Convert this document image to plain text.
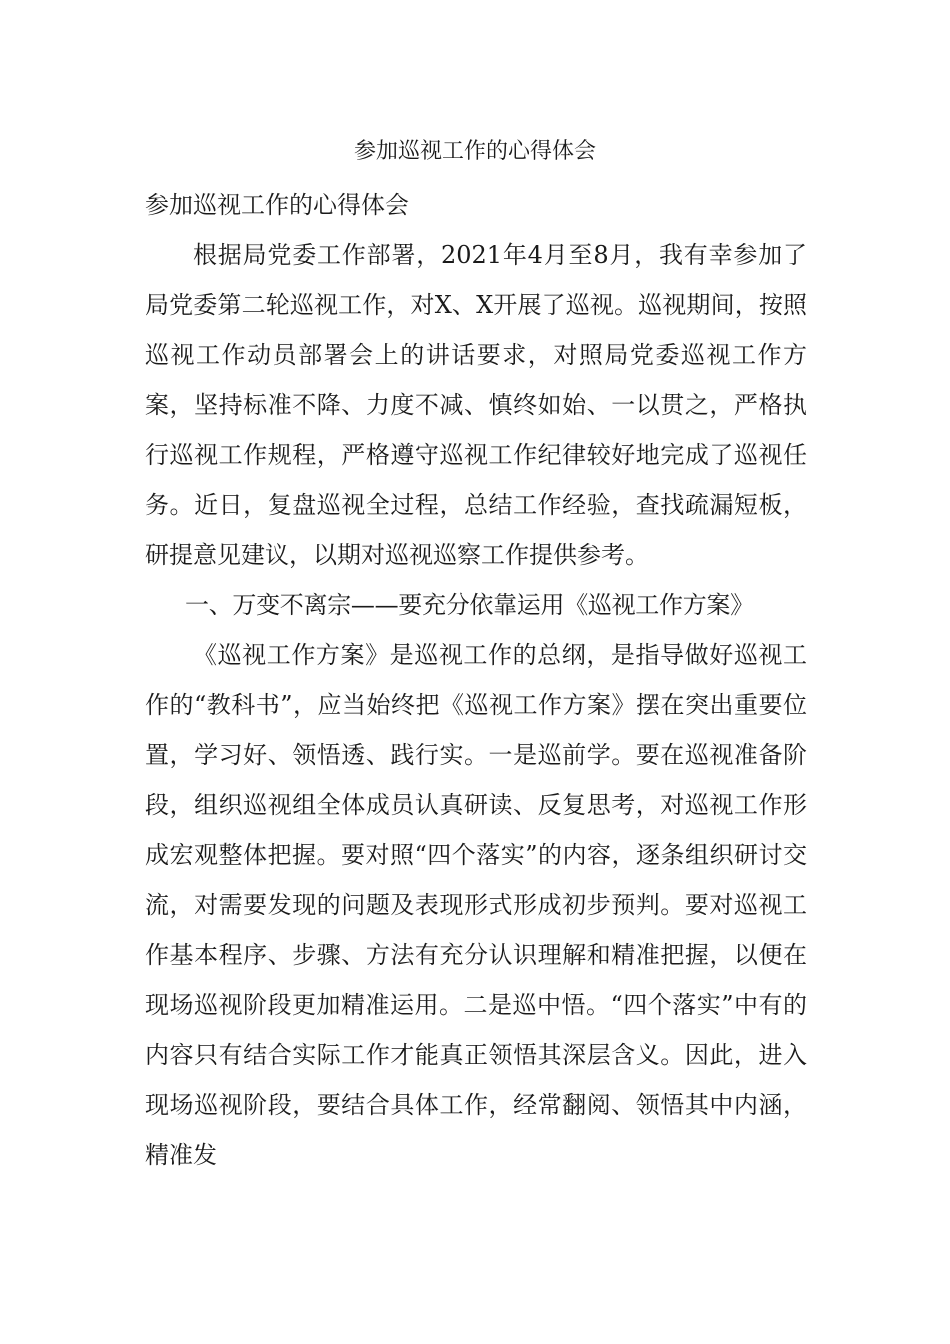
参加巡视工作的心得体会

参加巡视工作的心得体会

根据局党委工作部署，2021年4月至8月，我有幸参加了局党委第二轮巡视工作，对X、X开展了巡视。巡视期间，按照巡视工作动员部署会上的讲话要求，对照局党委巡视工作方案，坚持标准不降、力度不减、慎终如始、一以贯之，严格执行巡视工作规程，严格遵守巡视工作纪律较好地完成了巡视任务。近日，复盘巡视全过程，总结工作经验，查找疏漏短板，研提意见建议，以期对巡视巡察工作提供参考。

一、万变不离宗——要充分依靠运用《巡视工作方案》

《巡视工作方案》是巡视工作的总纲，是指导做好巡视工作的“教科书”，应当始终把《巡视工作方案》摆在突出重要位置，学习好、领悟透、践行实。一是巡前学。要在巡视准备阶段，组织巡视组全体成员认真研读、反复思考，对巡视工作形成宏观整体把握。要对照“四个落实”的内容，逐条组织研讨交流，对需要发现的问题及表现形式形成初步预判。要对巡视工作基本程序、步骤、方法有充分认识理解和精准把握，以便在现场巡视阶段更加精准运用。二是巡中悟。“四个落实”中有的内容只有结合实际工作才能真正领悟其深层含义。因此，进入现场巡视阶段，要结合具体工作，经常翻阅、领悟其中内涵，精准发
